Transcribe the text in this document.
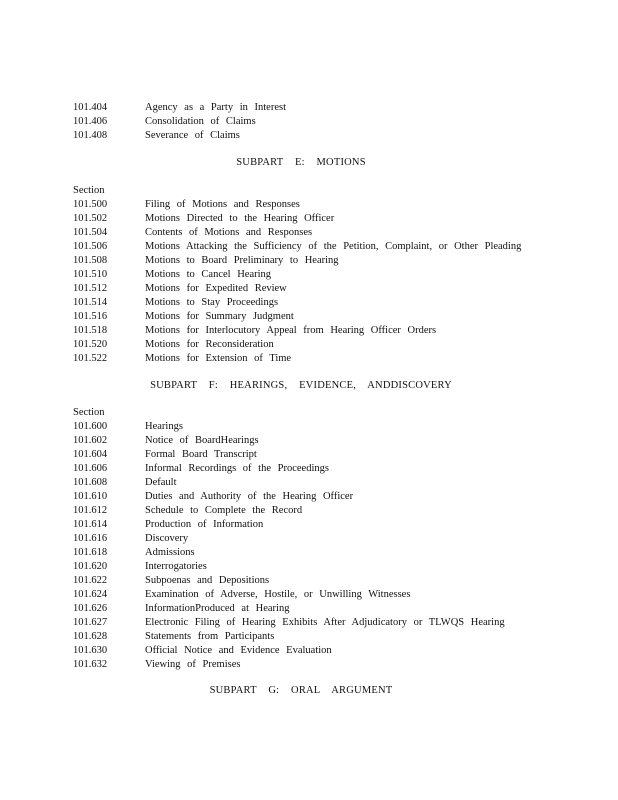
101.404	Agency as a Party in Interest
101.406	Consolidation of Claims
101.408	Severance of Claims
SUBPART E: MOTIONS
Section
101.500	Filing of Motions and Responses
101.502	Motions Directed to the Hearing Officer
101.504	Contents of Motions and Responses
101.506	Motions Attacking the Sufficiency of the Petition, Complaint, or Other Pleading
101.508	Motions to Board Preliminary to Hearing
101.510	Motions to Cancel Hearing
101.512	Motions for Expedited Review
101.514	Motions to Stay Proceedings
101.516	Motions for Summary Judgment
101.518	Motions for Interlocutory Appeal from Hearing Officer Orders
101.520	Motions for Reconsideration
101.522	Motions for Extension of Time
SUBPART F: HEARINGS, EVIDENCE, ANDDISCOVERY
Section
101.600	Hearings
101.602	Notice of BoardHearings
101.604	Formal Board Transcript
101.606	Informal Recordings of the Proceedings
101.608	Default
101.610	Duties and Authority of the Hearing Officer
101.612	Schedule to Complete the Record
101.614	Production of Information
101.616	Discovery
101.618	Admissions
101.620	Interrogatories
101.622	Subpoenas and Depositions
101.624	Examination of Adverse, Hostile, or Unwilling Witnesses
101.626	InformationProduced at Hearing
101.627	Electronic Filing of Hearing Exhibits After Adjudicatory or TLWQS Hearing
101.628	Statements from Participants
101.630	Official Notice and Evidence Evaluation
101.632	Viewing of Premises
SUBPART G: ORAL ARGUMENT
